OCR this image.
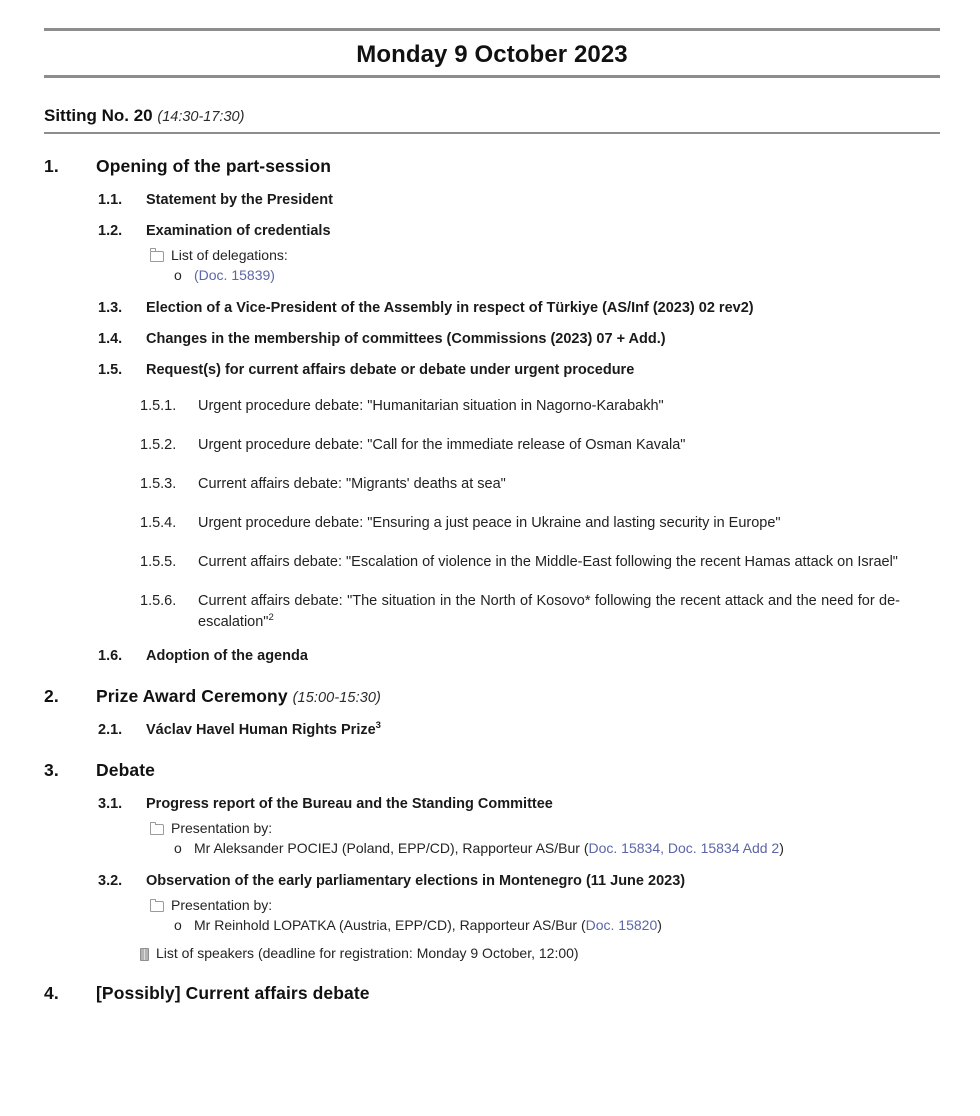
Monday 9 October 2023
Sitting No. 20 (14:30-17:30)
1.	Opening of the part-session
1.1.	Statement by the President
1.2.	Examination of credentials
List of delegations:
o (Doc. 15839)
1.3.	Election of a Vice-President of the Assembly in respect of Türkiye (AS/Inf (2023) 02 rev2)
1.4.	Changes in the membership of committees (Commissions (2023) 07 + Add.)
1.5.	Request(s) for current affairs debate or debate under urgent procedure
1.5.1.	Urgent procedure debate: "Humanitarian situation in Nagorno-Karabakh"
1.5.2.	Urgent procedure debate: "Call for the immediate release of Osman Kavala"
1.5.3.	Current affairs debate: "Migrants' deaths at sea"
1.5.4.	Urgent procedure debate: "Ensuring a just peace in Ukraine and lasting security in Europe"
1.5.5.	Current affairs debate: "Escalation of violence in the Middle-East following the recent Hamas attack on Israel"
1.5.6.	Current affairs debate: "The situation in the North of Kosovo* following the recent attack and the need for de-escalation"$^2$
1.6.	Adoption of the agenda
2.	Prize Award Ceremony (15:00-15:30)
2.1.	Václav Havel Human Rights Prize$^3$
3.	Debate
3.1.	Progress report of the Bureau and the Standing Committee
Presentation by:
o Mr Aleksander POCIEJ (Poland, EPP/CD), Rapporteur AS/Bur (Doc. 15834, Doc. 15834 Add 2)
3.2.	Observation of the early parliamentary elections in Montenegro (11 June 2023)
Presentation by:
o Mr Reinhold LOPATKA (Austria, EPP/CD), Rapporteur AS/Bur (Doc. 15820)
List of speakers (deadline for registration: Monday 9 October, 12:00)
4.	[Possibly] Current affairs debate
